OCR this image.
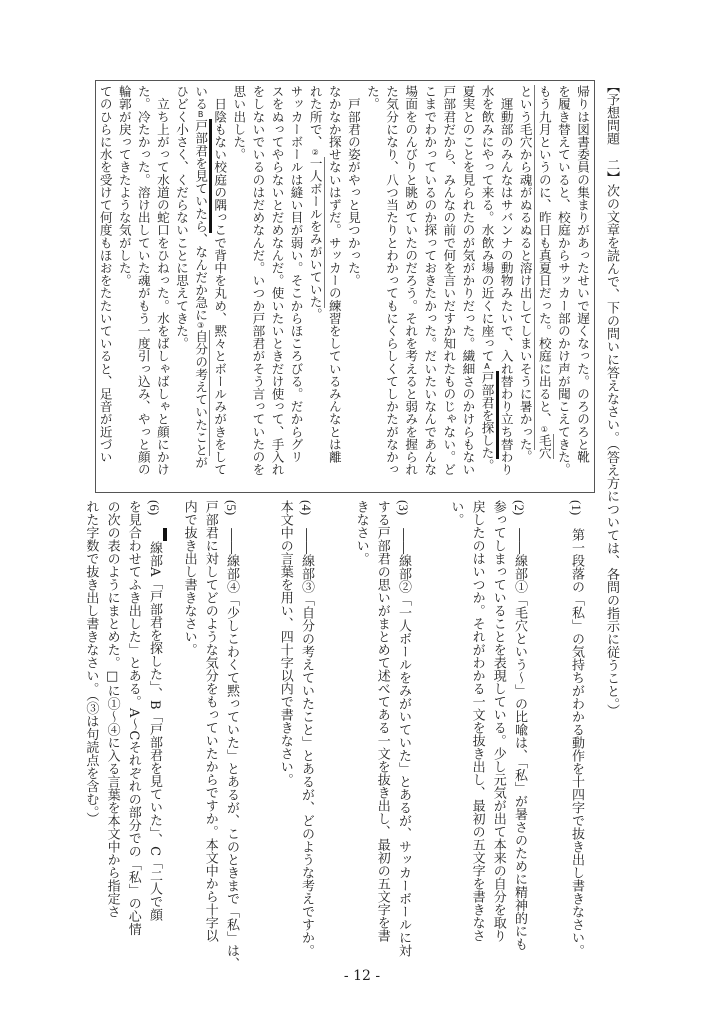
【予想問題　二】次の文章を読んで、下の問いに答えなさい。（答え方については、各問の指示に従うこと。）
帰りは図書委員の集まりがあったせいで遅くなった。のろのろと靴
を履き替えていると、校庭からサッカー部のかけ声が聞こえてきた。
もう九月というのに、昨日も真夏日だった。校庭に出ると、①毛穴
という毛穴から魂がぬるぬると溶け出してしまいそうに暑かった。
　運動部のみんなはサバンナの動物みたいで、入れ替わり立ち替わり
水を飲みにやって来る。水飲み場の近くに座ってA戸部君を探した。
夏実とのことを見られたのが気がかりだった。繊細さのかけらもない
戸部君だから、みんなの前で何を言いだすか知れたものじゃない。ど
こまでわかっているのか探っておきたかった。だいたいなんであんな
場面をのんびりと眺めていたのだろう。それを考えると弱みを握られ
た気分になり、八つ当たりとわかってもにくらしくてしかたがなかっ
た。
　戸部君の姿がやっと見つかった。
なかなか探せないはずだ。サッカーの練習をしているみんなとは離
れた所で、②一人ボールをみがいていた。
サッカーボールは縫い目が弱い。そこからほころびる。だからグリ
スをぬってやらないとだめなんだ。使いたいときだけ使って、手入れ
をしないでいるのはだめなんだ。いつか戸部君がそう言っていたのを
思い出した。
　日陰もない校庭の隅っこで背中を丸め、黙々とボールみがきをして
いるB戸部君を見ていたら、なんだか急に③自分の考えていたことが
ひどく小さく、くだらないことに思えてきた。
　立ち上がって水道の蛇口をひねった。水をばしゃばしゃと顔にかけ
た。冷たかった。溶け出していた魂がもう一度引っ込み、やっと顔の
輪郭が戻ってきたような気がした。
てのひらに水を受けて何度もほおをたたいていると、足音が近づい
(1)　第一段落の「私」の気持ちがわかる動作を十四字で抜き出し書きなさい。
(2)　――線部①「毛穴という～」の比喩は、「私」が暑さのために精神的にも
参ってしまっていることを表現している。少し元気が出て本来の自分を取り
戻したのはいつか。それがわかる一文を抜き出し、最初の五文字を書きなさ
い。
(3)　――線部②「一人ボールをみがいていた」とあるが、サッカーボールに対
する戸部君の思いがまとめて述べてある一文を抜き出し、最初の五文字を書
きなさい。
(4)　――線部③「自分の考えていたこと」とあるが、どのような考えですか。
本文中の言葉を用い、四十字以内で書きなさい。
(5)　――線部④「少しこわくて黙っていた」とあるが、このときまで「私」は、
戸部君に対してどのような気分をもっていたからですか。本文中から十字以
内で抜き出し書きなさい。
(6)　　線部A「戸部君を探した」、B「戸部君を見ていた」、C「二人で顔
を見合わせてふき出した」とある。A～Cそれぞれの部分での「私」の心情
の次の表のようにまとめた。□に①～④に入る言葉を本文中から指定さ
れた字数で抜き出し書きなさい。（③は句読点を含む。）
- 12 -
